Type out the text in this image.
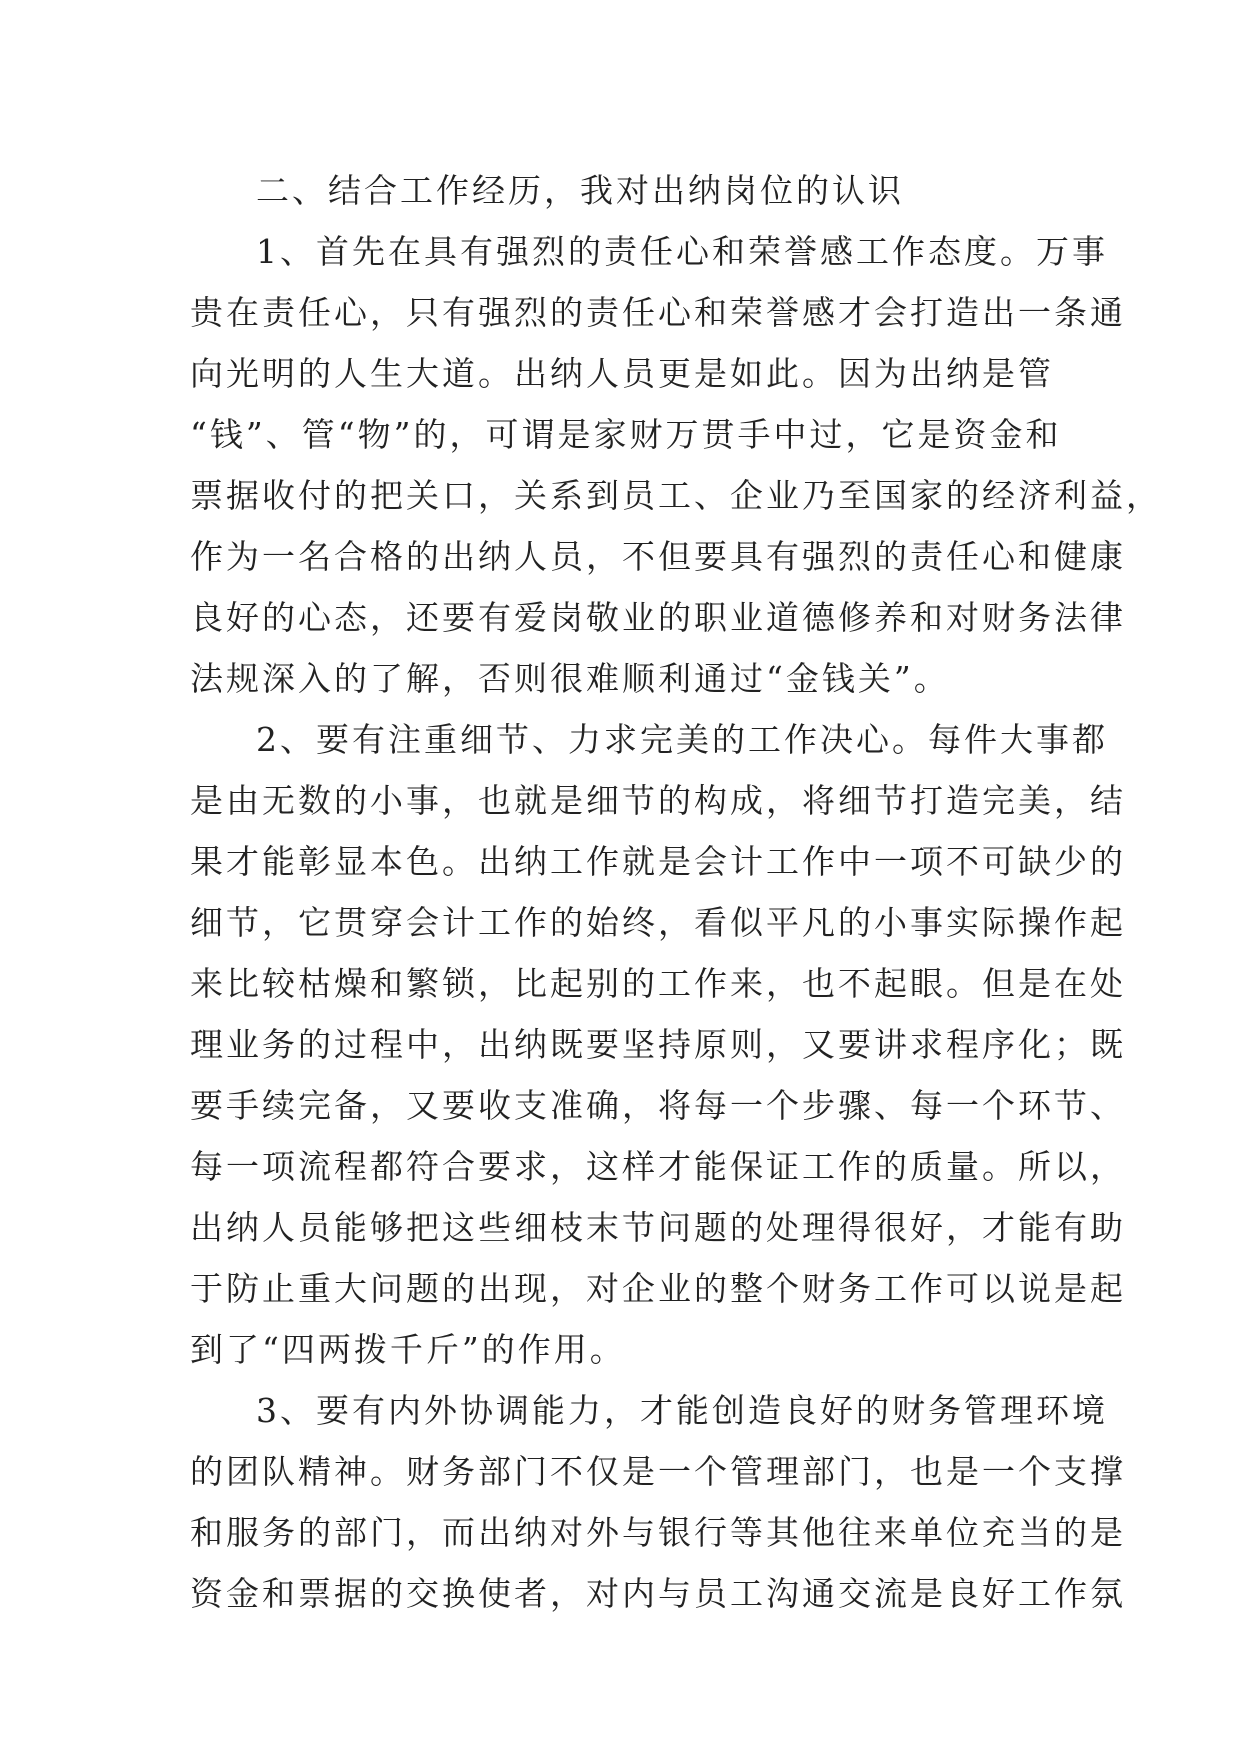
二、结合工作经历，我对出纳岗位的认识
1、首先在具有强烈的责任心和荣誉感工作态度。万事
贵在责任心，只有强烈的责任心和荣誉感才会打造出一条通
向光明的人生大道。出纳人员更是如此。因为出纳是管
“钱”、管“物”的，可谓是家财万贯手中过，它是资金和
票据收付的把关口，关系到员工、企业乃至国家的经济利益，
作为一名合格的出纳人员，不但要具有强烈的责任心和健康
良好的心态，还要有爱岗敬业的职业道德修养和对财务法律
法规深入的了解，否则很难顺利通过“金钱关”。
2、要有注重细节、力求完美的工作决心。每件大事都
是由无数的小事，也就是细节的构成，将细节打造完美，结
果才能彰显本色。出纳工作就是会计工作中一项不可缺少的
细节，它贯穿会计工作的始终，看似平凡的小事实际操作起
来比较枯燥和繁锁，比起别的工作来，也不起眼。但是在处
理业务的过程中，出纳既要坚持原则，又要讲求程序化；既
要手续完备，又要收支准确，将每一个步骤、每一个环节、
每一项流程都符合要求，这样才能保证工作的质量。所以，
出纳人员能够把这些细枝末节问题的处理得很好，才能有助
于防止重大问题的出现，对企业的整个财务工作可以说是起
到了“四两拨千斤”的作用。
3、要有内外协调能力，才能创造良好的财务管理环境
的团队精神。财务部门不仅是一个管理部门，也是一个支撑
和服务的部门，而出纳对外与银行等其他往来单位充当的是
资金和票据的交换使者，对内与员工沟通交流是良好工作氛
